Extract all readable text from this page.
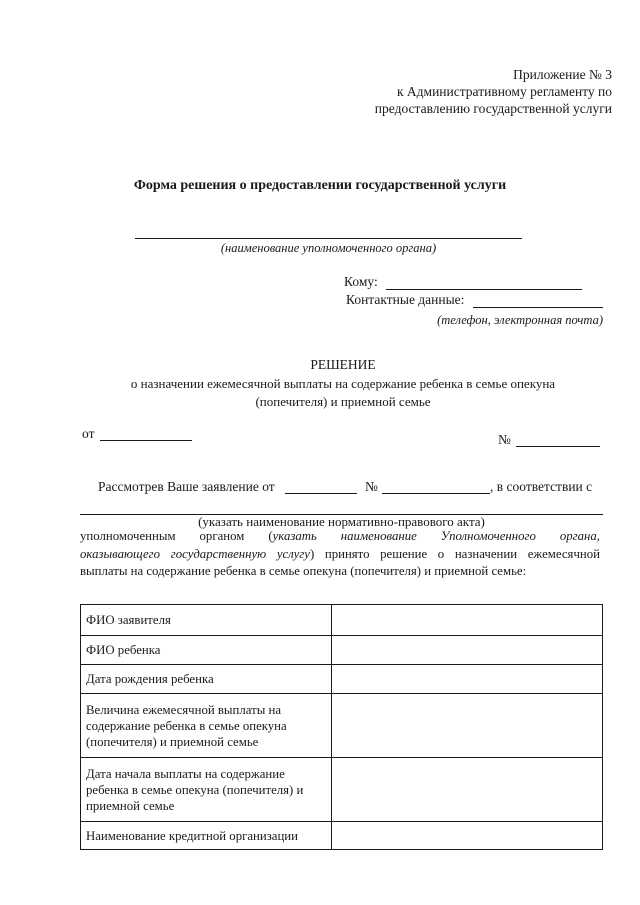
Приложение № 3
к Административному регламенту по
предоставлению государственной услуги
Форма решения о предоставлении государственной услуги
(наименование уполномоченного органа)
Кому:
Контактные данные:
(телефон, электронная почта)
РЕШЕНИЕ
о назначении ежемесячной выплаты на содержание ребенка в семье опекуна
(попечителя) и приемной семье
от	№
Рассмотрев Ваше заявление от	№	, в соответствии с
(указать наименование нормативно-правового акта)
уполномоченным органом (указать наименование Уполномоченного органа,
оказывающего государственную услугу) принято решение о назначении ежемесячной
выплаты на содержание ребенка в семье опекуна (попечителя) и приемной семье:
ФИО заявителя	
ФИО ребенка	
Дата рождения ребенка	
Величина ежемесячной выплаты на содержание ребенка в семье опекуна (попечителя) и приемной семье	
Дата начала выплаты на содержание ребенка в семье опекуна (попечителя) и приемной семье	
Наименование кредитной организации	
